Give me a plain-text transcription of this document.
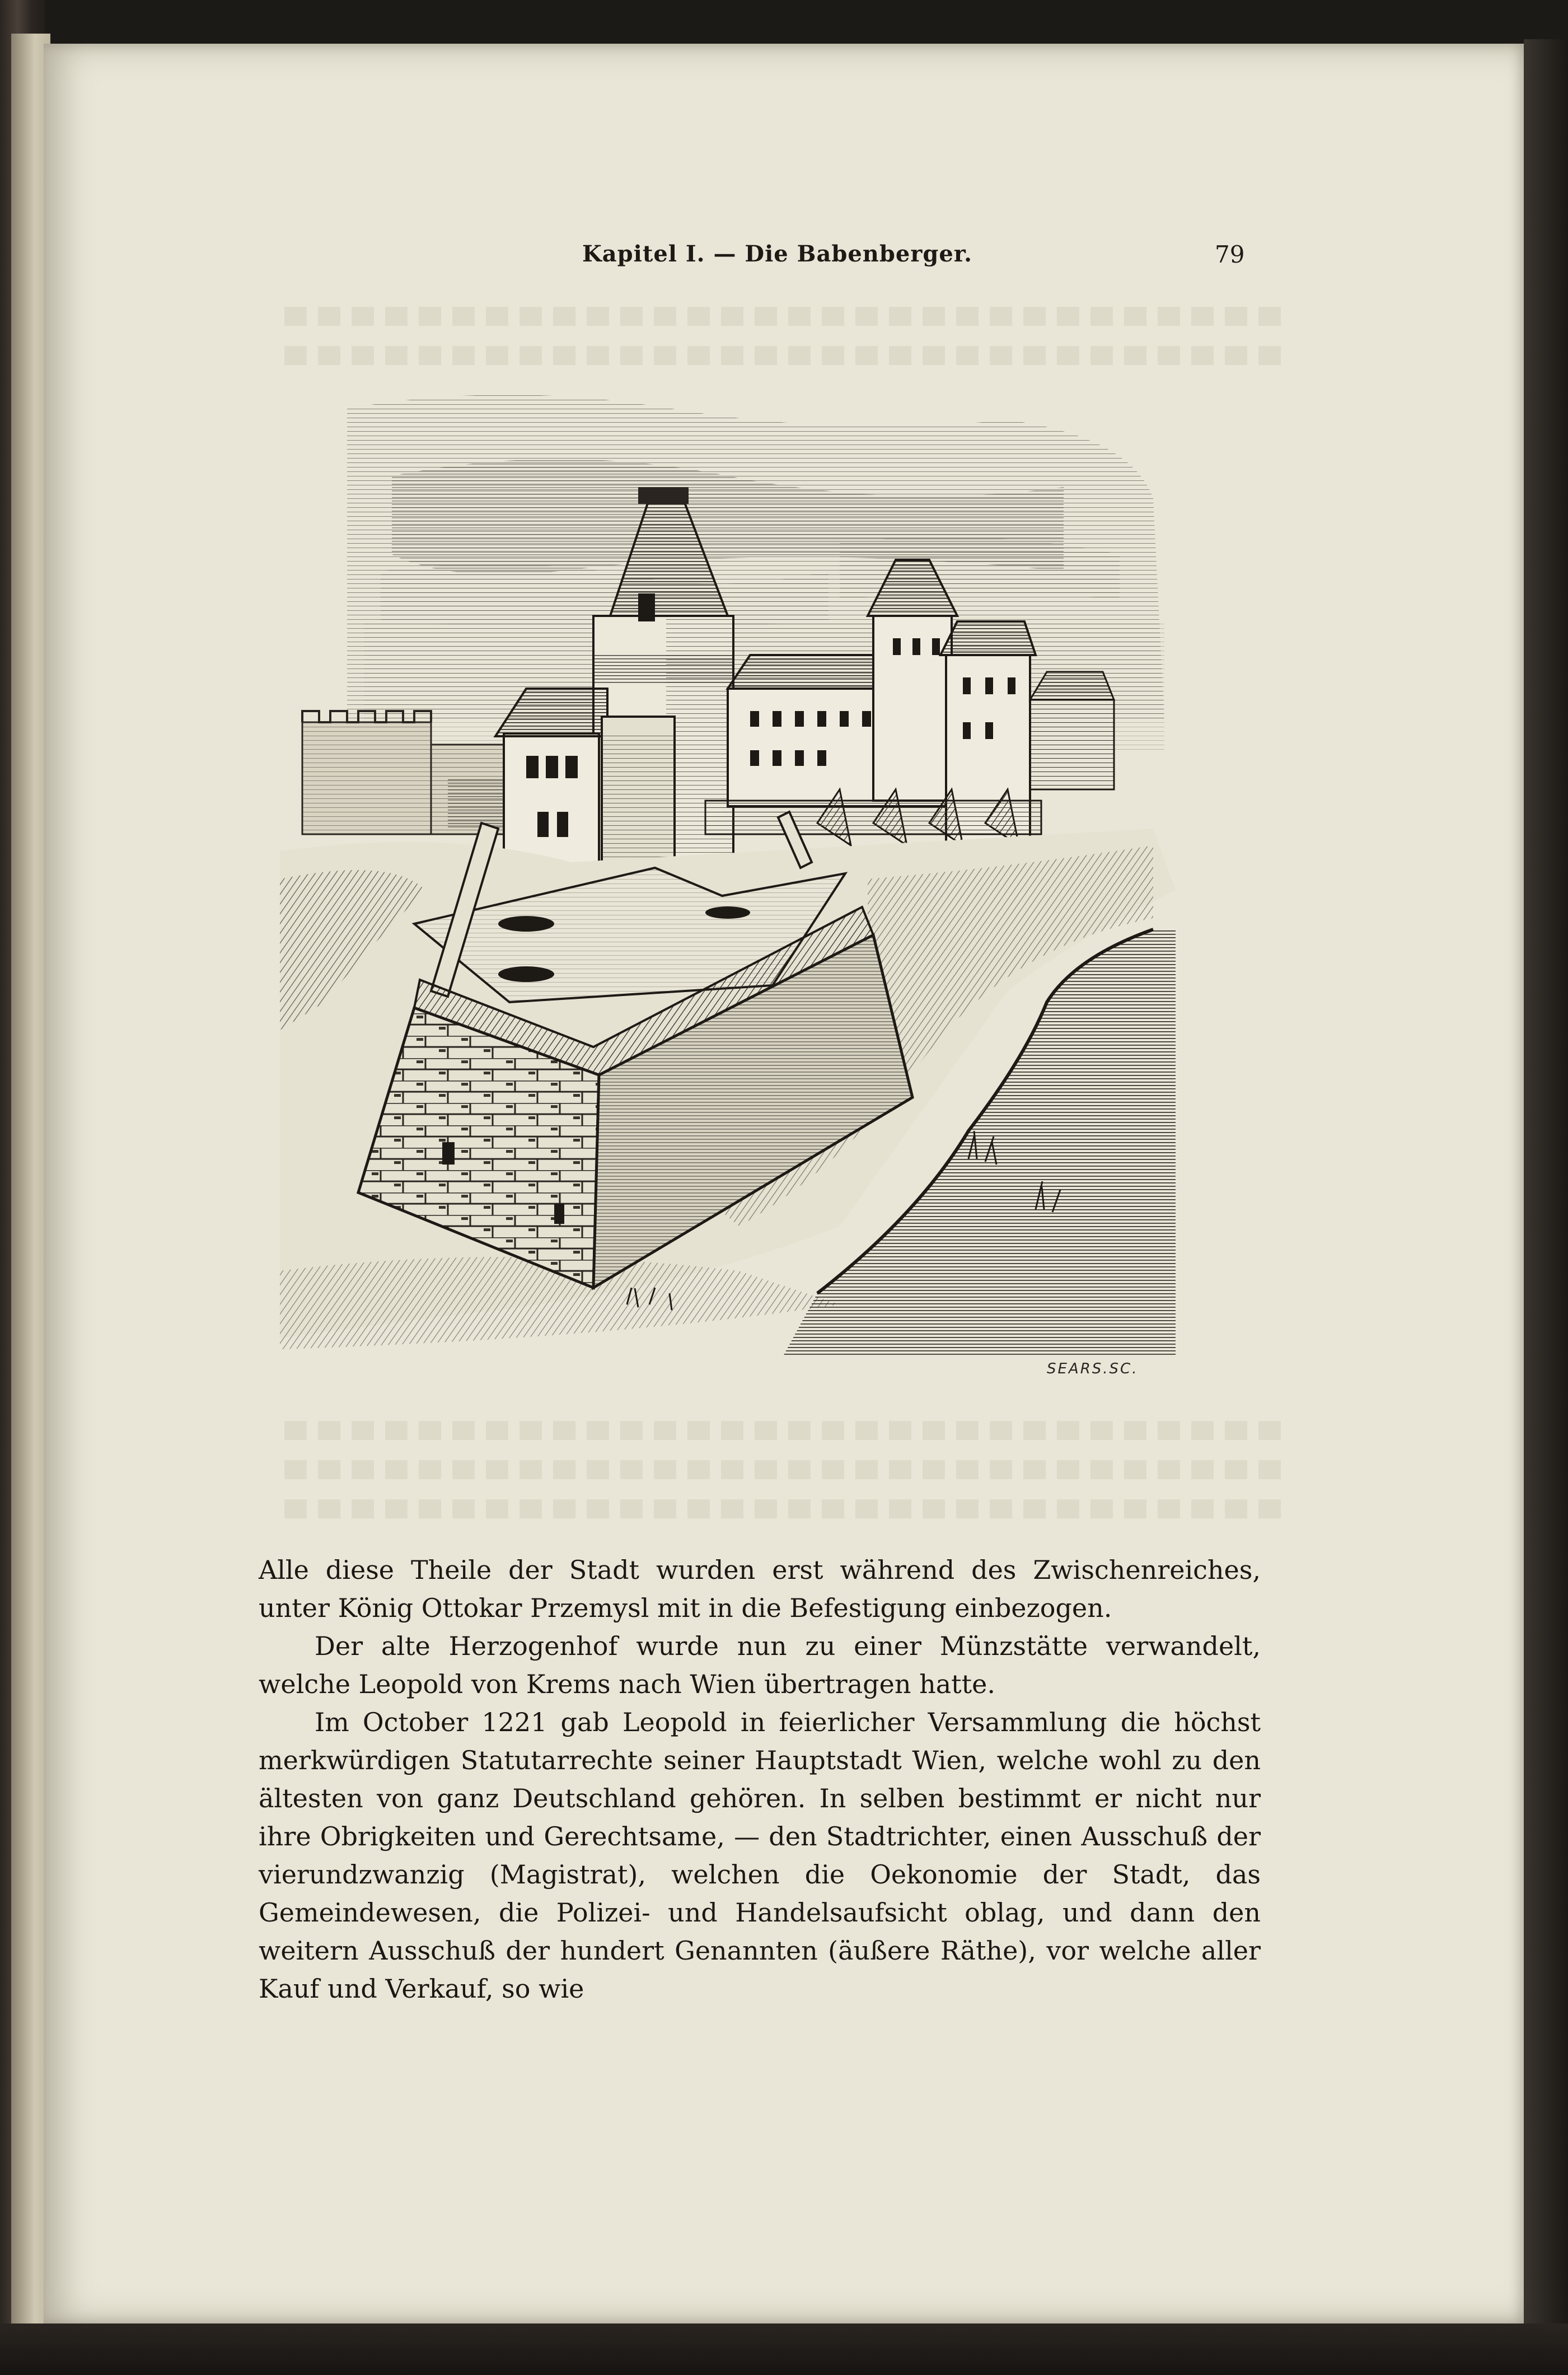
Kapitel I. — Die Babenberger.	79
SEARS.SC.

Alle diese Theile der Stadt wurden erst während des Zwischenreiches, unter König Ottokar Przemysl mit in die Befestigung einbezogen.

Der alte Herzogenhof wurde nun zu einer Münzstätte verwandelt, welche Leopold von Krems nach Wien übertragen hatte.

Im October 1221 gab Leopold in feierlicher Versammlung die höchst merkwürdigen Statutarrechte seiner Hauptstadt Wien, welche wohl zu den ältesten von ganz Deutschland gehören. In selben bestimmt er nicht nur ihre Obrigkeiten und Gerechtsame, — den Stadtrichter, einen Ausschuß der vierundzwanzig (Magistrat), welchen die Oekonomie der Stadt, das Gemeindewesen, die Polizei- und Handelsaufsicht oblag, und dann den weitern Ausschuß der hundert Genannten (äußere Räthe), vor welche aller Kauf und Verkauf, so wie
